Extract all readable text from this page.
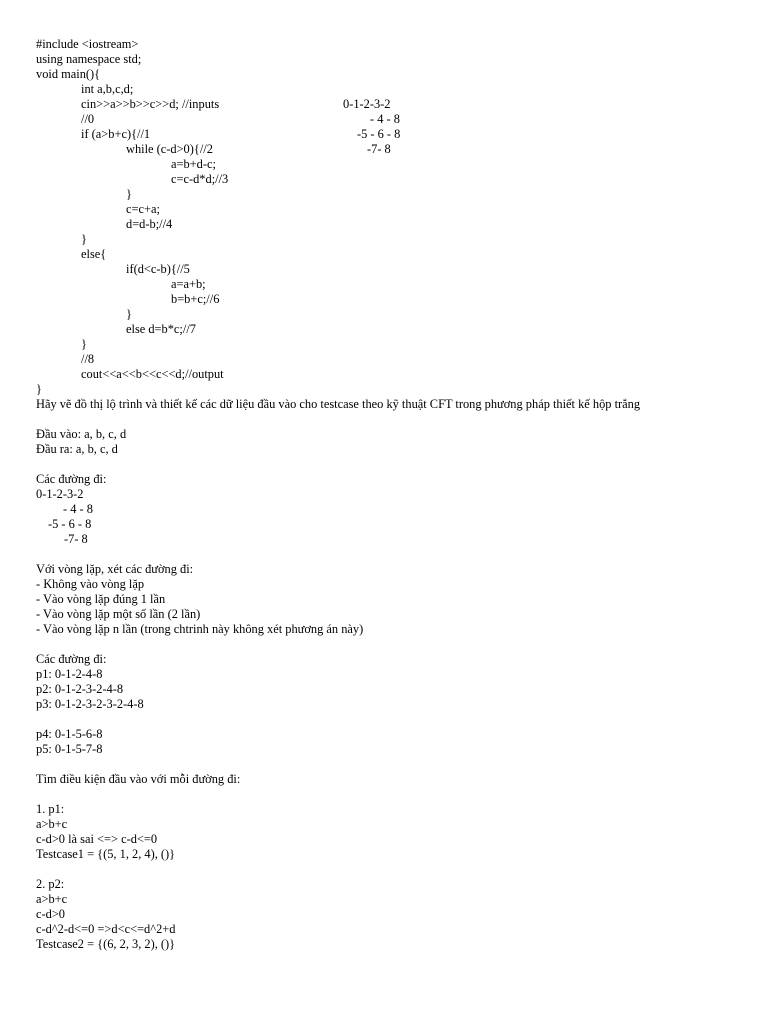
#include <iostream>
using namespace std;
void main(){
int a,b,c,d;
cin>>a>>b>>c>>d; //inputs
//0
if (a>b+c){//1
while (c-d>0){//2
a=b+d-c;
c=c-d*d;//3
}
c=c+a;
d=d-b;//4
}
else{
if(d<c-b){//5
a=a+b;
b=b+c;//6
}
else d=b*c;//7
}
//8
cout<<a<<b<<c<<d;//output
}
0-1-2-3-2
- 4 - 8
-5 - 6 - 8
-7- 8
Hãy vẽ đồ thị lộ trình và thiết kế các dữ liệu đầu vào cho testcase theo kỹ thuật CFT trong phương pháp thiết kế hộp trắng
Đầu vào: a, b, c, d
Đầu ra: a, b, c, d
Các đường đi:
0-1-2-3-2
- 4 - 8
-5 - 6 - 8
-7- 8
Với vòng lặp, xét các đường đi:
- Không vào vòng lặp
- Vào vòng lặp đúng 1 lần
- Vào vòng lặp một số lần (2 lần)
- Vào vòng lặp n lần (trong chtrinh này không xét phương án này)
Các đường đi:
p1: 0-1-2-4-8
p2: 0-1-2-3-2-4-8
p3: 0-1-2-3-2-3-2-4-8
p4: 0-1-5-6-8
p5: 0-1-5-7-8
Tìm điều kiện đầu vào với mỗi đường đi:
1. p1:
a>b+c
c-d>0 là sai <=> c-d<=0
Testcase1 = {(5, 1, 2, 4), ()}
2. p2:
a>b+c
c-d>0
c-d^2-d<=0 =>d<c<=d^2+d
Testcase2 = {(6, 2, 3, 2), ()}
